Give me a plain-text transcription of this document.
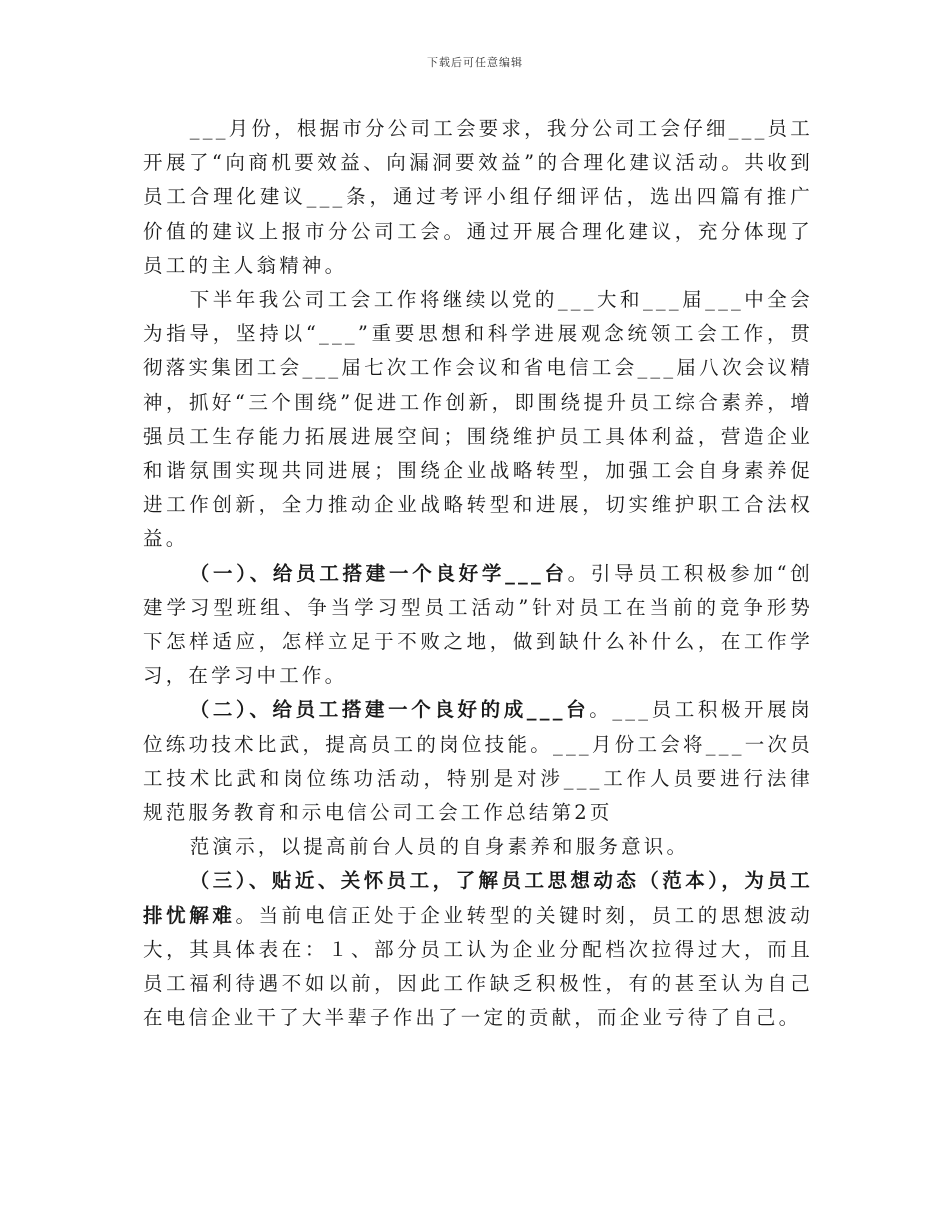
下载后可任意编辑

___月份，根据市分公司工会要求，我分公司工会仔细___员工开展了“向商机要效益、向漏洞要效益”的合理化建议活动。共收到员工合理化建议___条，通过考评小组仔细评估，选出四篇有推广价值的建议上报市分公司工会。通过开展合理化建议，充分体现了员工的主人翁精神。

下半年我公司工会工作将继续以党的___大和___届___中全会为指导，坚持以“___”重要思想和科学进展观念统领工会工作，贯彻落实集团工会___届七次工作会议和省电信工会___届八次会议精神，抓好“三个围绕”促进工作创新，即围绕提升员工综合素养，增强员工生存能力拓展进展空间；围绕维护员工具体利益，营造企业和谐氛围实现共同进展；围绕企业战略转型，加强工会自身素养促进工作创新，全力推动企业战略转型和进展，切实维护职工合法权益。

（一）、给员工搭建一个良好学___台。引导员工积极参加“创建学习型班组、争当学习型员工活动”针对员工在当前的竞争形势下怎样适应，怎样立足于不败之地，做到缺什么补什么，在工作学习，在学习中工作。

（二）、给员工搭建一个良好的成___台。___员工积极开展岗位练功技术比武，提高员工的岗位技能。___月份工会将___一次员工技术比武和岗位练功活动，特别是对涉___工作人员要进行法律规范服务教育和示电信公司工会工作总结第2页

范演示，以提高前台人员的自身素养和服务意识。

（三）、贴近、关怀员工，了解员工思想动态（范本），为员工排忧解难。当前电信正处于企业转型的关键时刻，员工的思想波动大，其具体表在：１、部分员工认为企业分配档次拉得过大，而且员工福利待遇不如以前，因此工作缺乏积极性，有的甚至认为自己在电信企业干了大半辈子作出了一定的贡献，而企业亏待了自己。
